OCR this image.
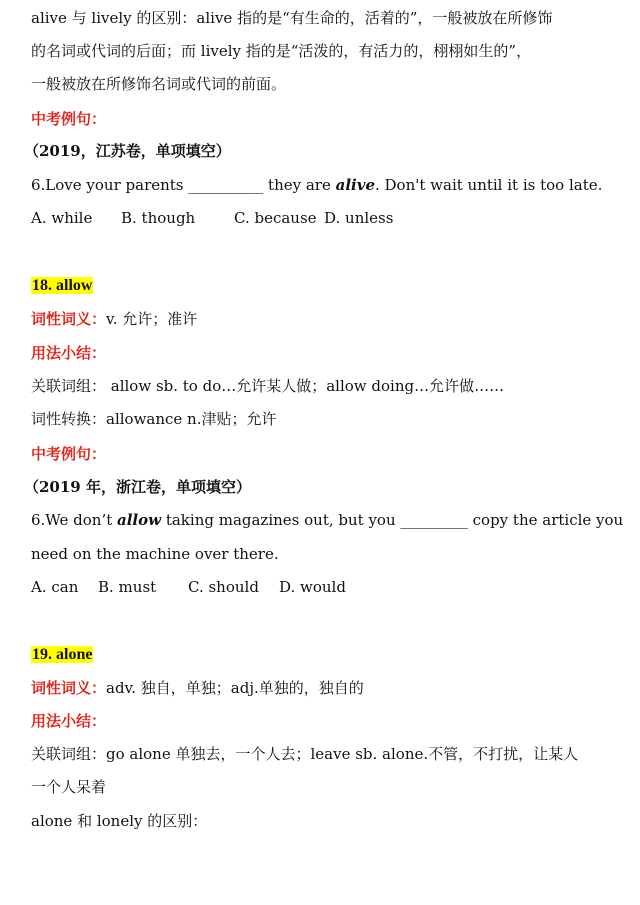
alive 与 lively 的区别：alive 指的是“有生命的，活着的”，一般被放在所修饰
的名词或代词的后面；而 lively 指的是“活泼的，有活力的，栩栩如生的”，
一般被放在所修饰名词或代词的前面。
中考例句：
（2019，江苏卷，单项填空）
6.Love your parents __________ they are alive. Don't wait until it is too late.
A. while B. though	C. because D. unless
18. allow
词性词义：v. 允许；准许
用法小结：
关联词组： allow sb. to do…允许某人做；allow doing…允许做……
词性转换：allowance n.津贴；允许
中考例句：
（2019 年，浙江卷，单项填空）
6.We don’t allow taking magazines out, but you _________ copy the article you
need on the machine over there.
A. can B. must C. should D. would
19. alone
词性词义：adv. 独自，单独；adj.单独的，独自的
用法小结：
关联词组：go alone 单独去，一个人去；leave sb. alone.不管，不打扰，让某人
一个人呆着
alone 和 lonely 的区别：
